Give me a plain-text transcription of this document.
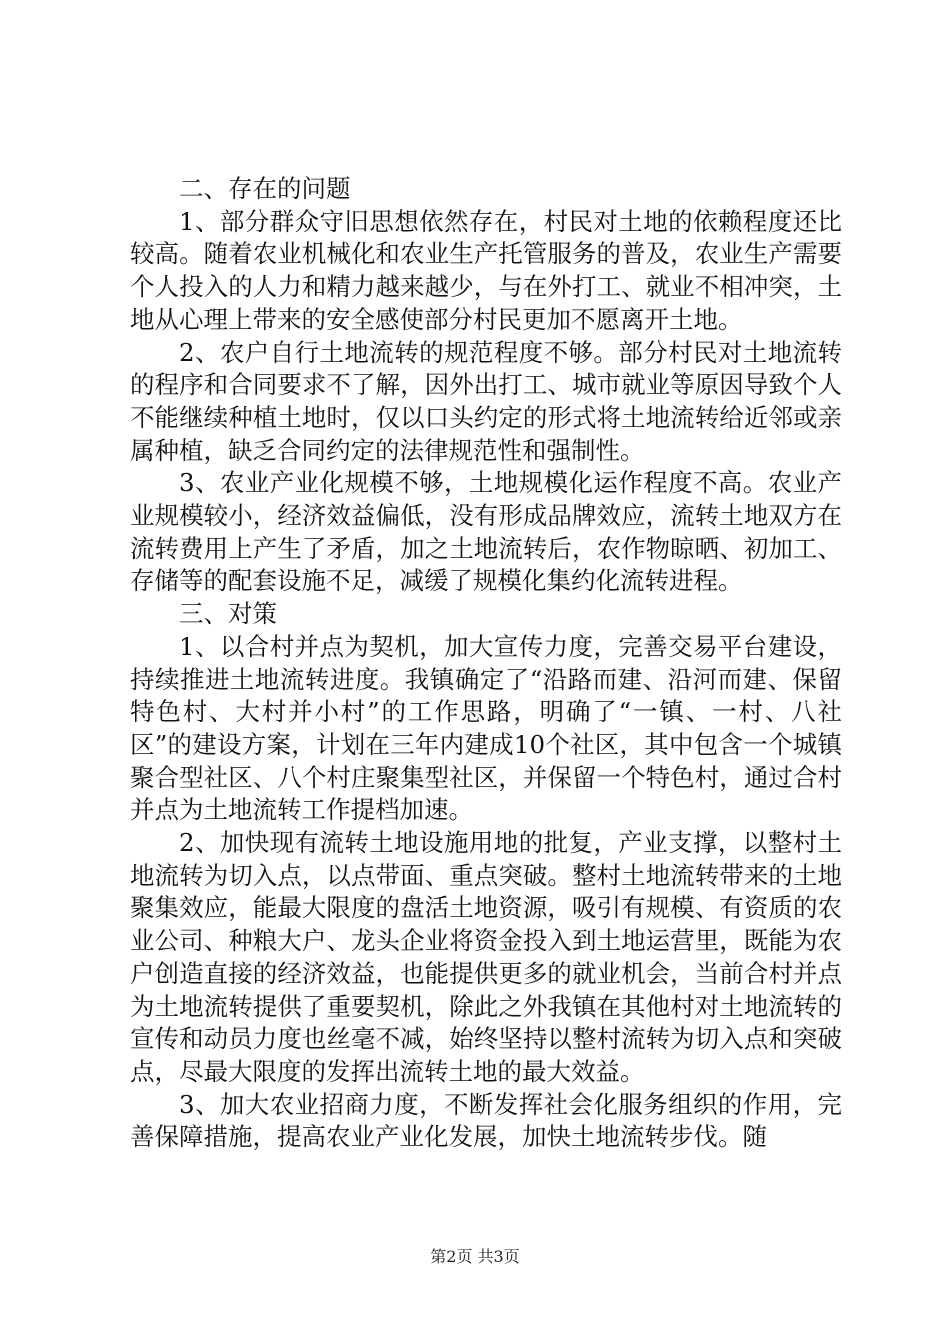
二、存在的问题

1、部分群众守旧思想依然存在，村民对土地的依赖程度还比较高。随着农业机械化和农业生产托管服务的普及，农业生产需要个人投入的人力和精力越来越少，与在外打工、就业不相冲突，土地从心理上带来的安全感使部分村民更加不愿离开土地。

2、农户自行土地流转的规范程度不够。部分村民对土地流转的程序和合同要求不了解，因外出打工、城市就业等原因导致个人不能继续种植土地时，仅以口头约定的形式将土地流转给近邻或亲属种植，缺乏合同约定的法律规范性和强制性。

3、农业产业化规模不够，土地规模化运作程度不高。农业产业规模较小，经济效益偏低，没有形成品牌效应，流转土地双方在流转费用上产生了矛盾，加之土地流转后，农作物晾晒、初加工、存储等的配套设施不足，减缓了规模化集约化流转进程。

三、对策

1、以合村并点为契机，加大宣传力度，完善交易平台建设，持续推进土地流转进度。我镇确定了“沿路而建、沿河而建、保留特色村、大村并小村”的工作思路，明确了“一镇、一村、八社区”的建设方案，计划在三年内建成10个社区，其中包含一个城镇聚合型社区、八个村庄聚集型社区，并保留一个特色村，通过合村并点为土地流转工作提档加速。

2、加快现有流转土地设施用地的批复，产业支撑，以整村土地流转为切入点，以点带面、重点突破。整村土地流转带来的土地聚集效应，能最大限度的盘活土地资源，吸引有规模、有资质的农业公司、种粮大户、龙头企业将资金投入到土地运营里，既能为农户创造直接的经济效益，也能提供更多的就业机会，当前合村并点为土地流转提供了重要契机，除此之外我镇在其他村对土地流转的宣传和动员力度也丝毫不减，始终坚持以整村流转为切入点和突破点，尽最大限度的发挥出流转土地的最大效益。

3、加大农业招商力度，不断发挥社会化服务组织的作用，完善保障措施，提高农业产业化发展，加快土地流转步伐。随

第2页 共3页
